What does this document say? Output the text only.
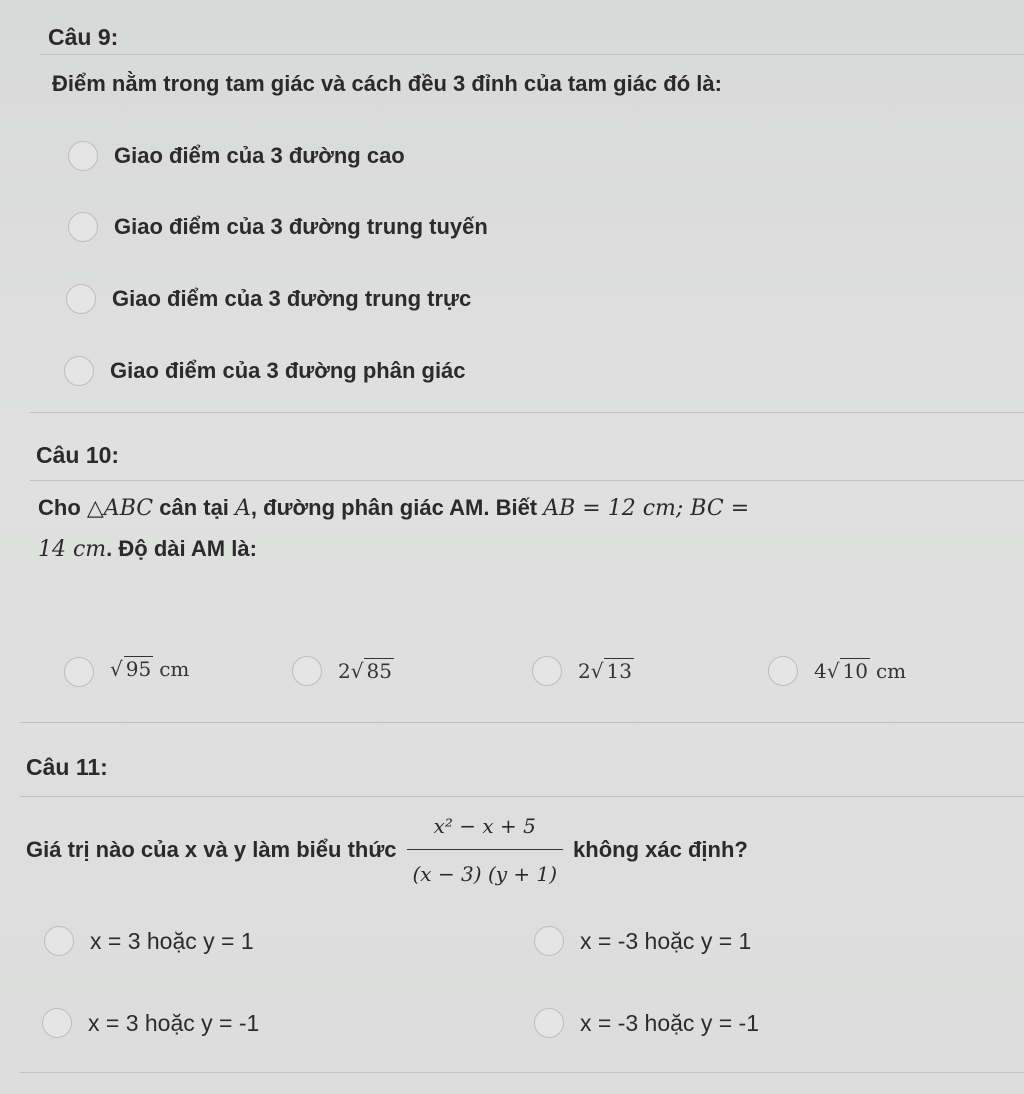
Câu 9:
Điểm nằm trong tam giác và cách đều 3 đỉnh của tam giác đó là:
Giao điểm của 3 đường cao
Giao điểm của 3 đường trung tuyến
Giao điểm của 3 đường trung trực
Giao điểm của 3 đường phân giác
Câu 10:
Cho △ABC cân tại A, đường phân giác AM. Biết AB = 12 cm; BC =
14 cm. Độ dài AM là:
√ 95 cm	2 √ 85	2 √ 13	4 √ 10 cm
Câu 11:
Giá trị nào của x và y làm biểu thức $\frac{\text{x² − x + 5}}{(x - 3) (y + 1)}$ không xác định?
x = 3 hoặc y = 1	x = -3 hoặc y = 1
x = 3 hoặc y = -1	x = -3 hoặc y = -1
